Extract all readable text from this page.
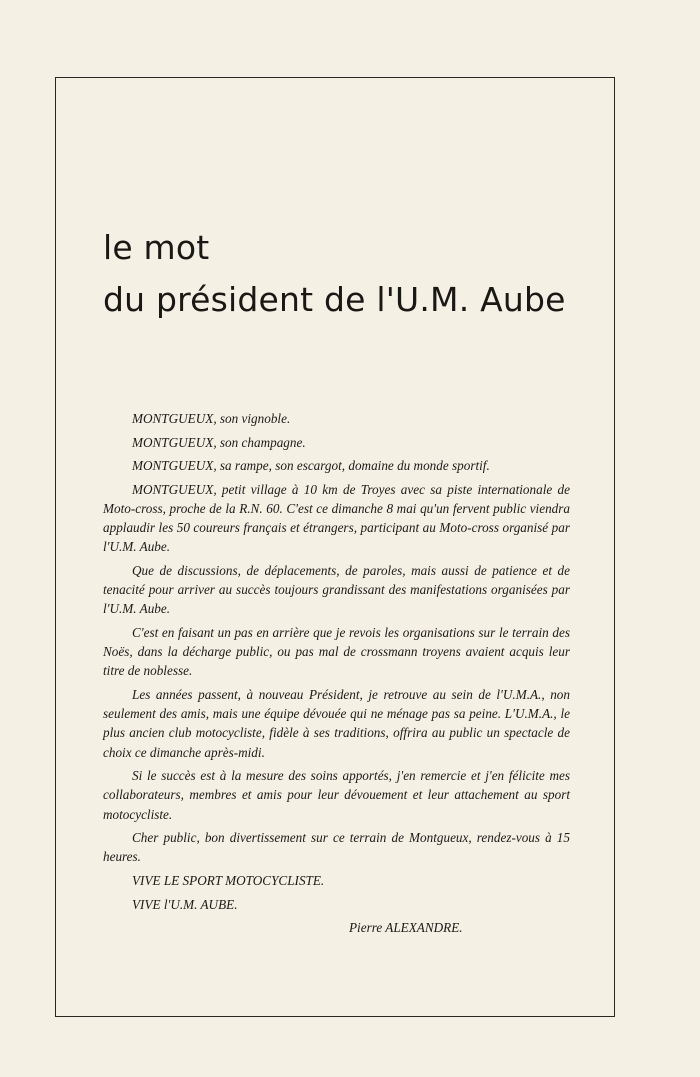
le mot
du président de l'U.M. Aube

MONTGUEUX, son vignoble.

MONTGUEUX, son champagne.

MONTGUEUX, sa rampe, son escargot, domaine du monde sportif.

MONTGUEUX, petit village à 10 km de Troyes avec sa piste internationale de Moto-cross, proche de la R.N. 60. C'est ce dimanche 8 mai qu'un fervent public viendra applaudir les 50 coureurs français et étrangers, participant au Moto-cross organisé par l'U.M. Aube.

Que de discussions, de déplacements, de paroles, mais aussi de patience et de tenacité pour arriver au succès toujours grandissant des manifestations organisées par l'U.M. Aube.

C'est en faisant un pas en arrière que je revois les organisations sur le terrain des Noës, dans la décharge public, ou pas mal de crossmann troyens avaient acquis leur titre de noblesse.

Les années passent, à nouveau Président, je retrouve au sein de l'U.M.A., non seulement des amis, mais une équipe dévouée qui ne ménage pas sa peine. L'U.M.A., le plus ancien club motocycliste, fidèle à ses traditions, offrira au public un spectacle de choix ce dimanche après-midi.

Si le succès est à la mesure des soins apportés, j'en remercie et j'en félicite mes collaborateurs, membres et amis pour leur dévouement et leur attachement au sport motocycliste.

Cher public, bon divertissement sur ce terrain de Montgueux, rendez-vous à 15 heures.

VIVE LE SPORT MOTOCYCLISTE.

VIVE l'U.M. AUBE.

Pierre ALEXANDRE.
